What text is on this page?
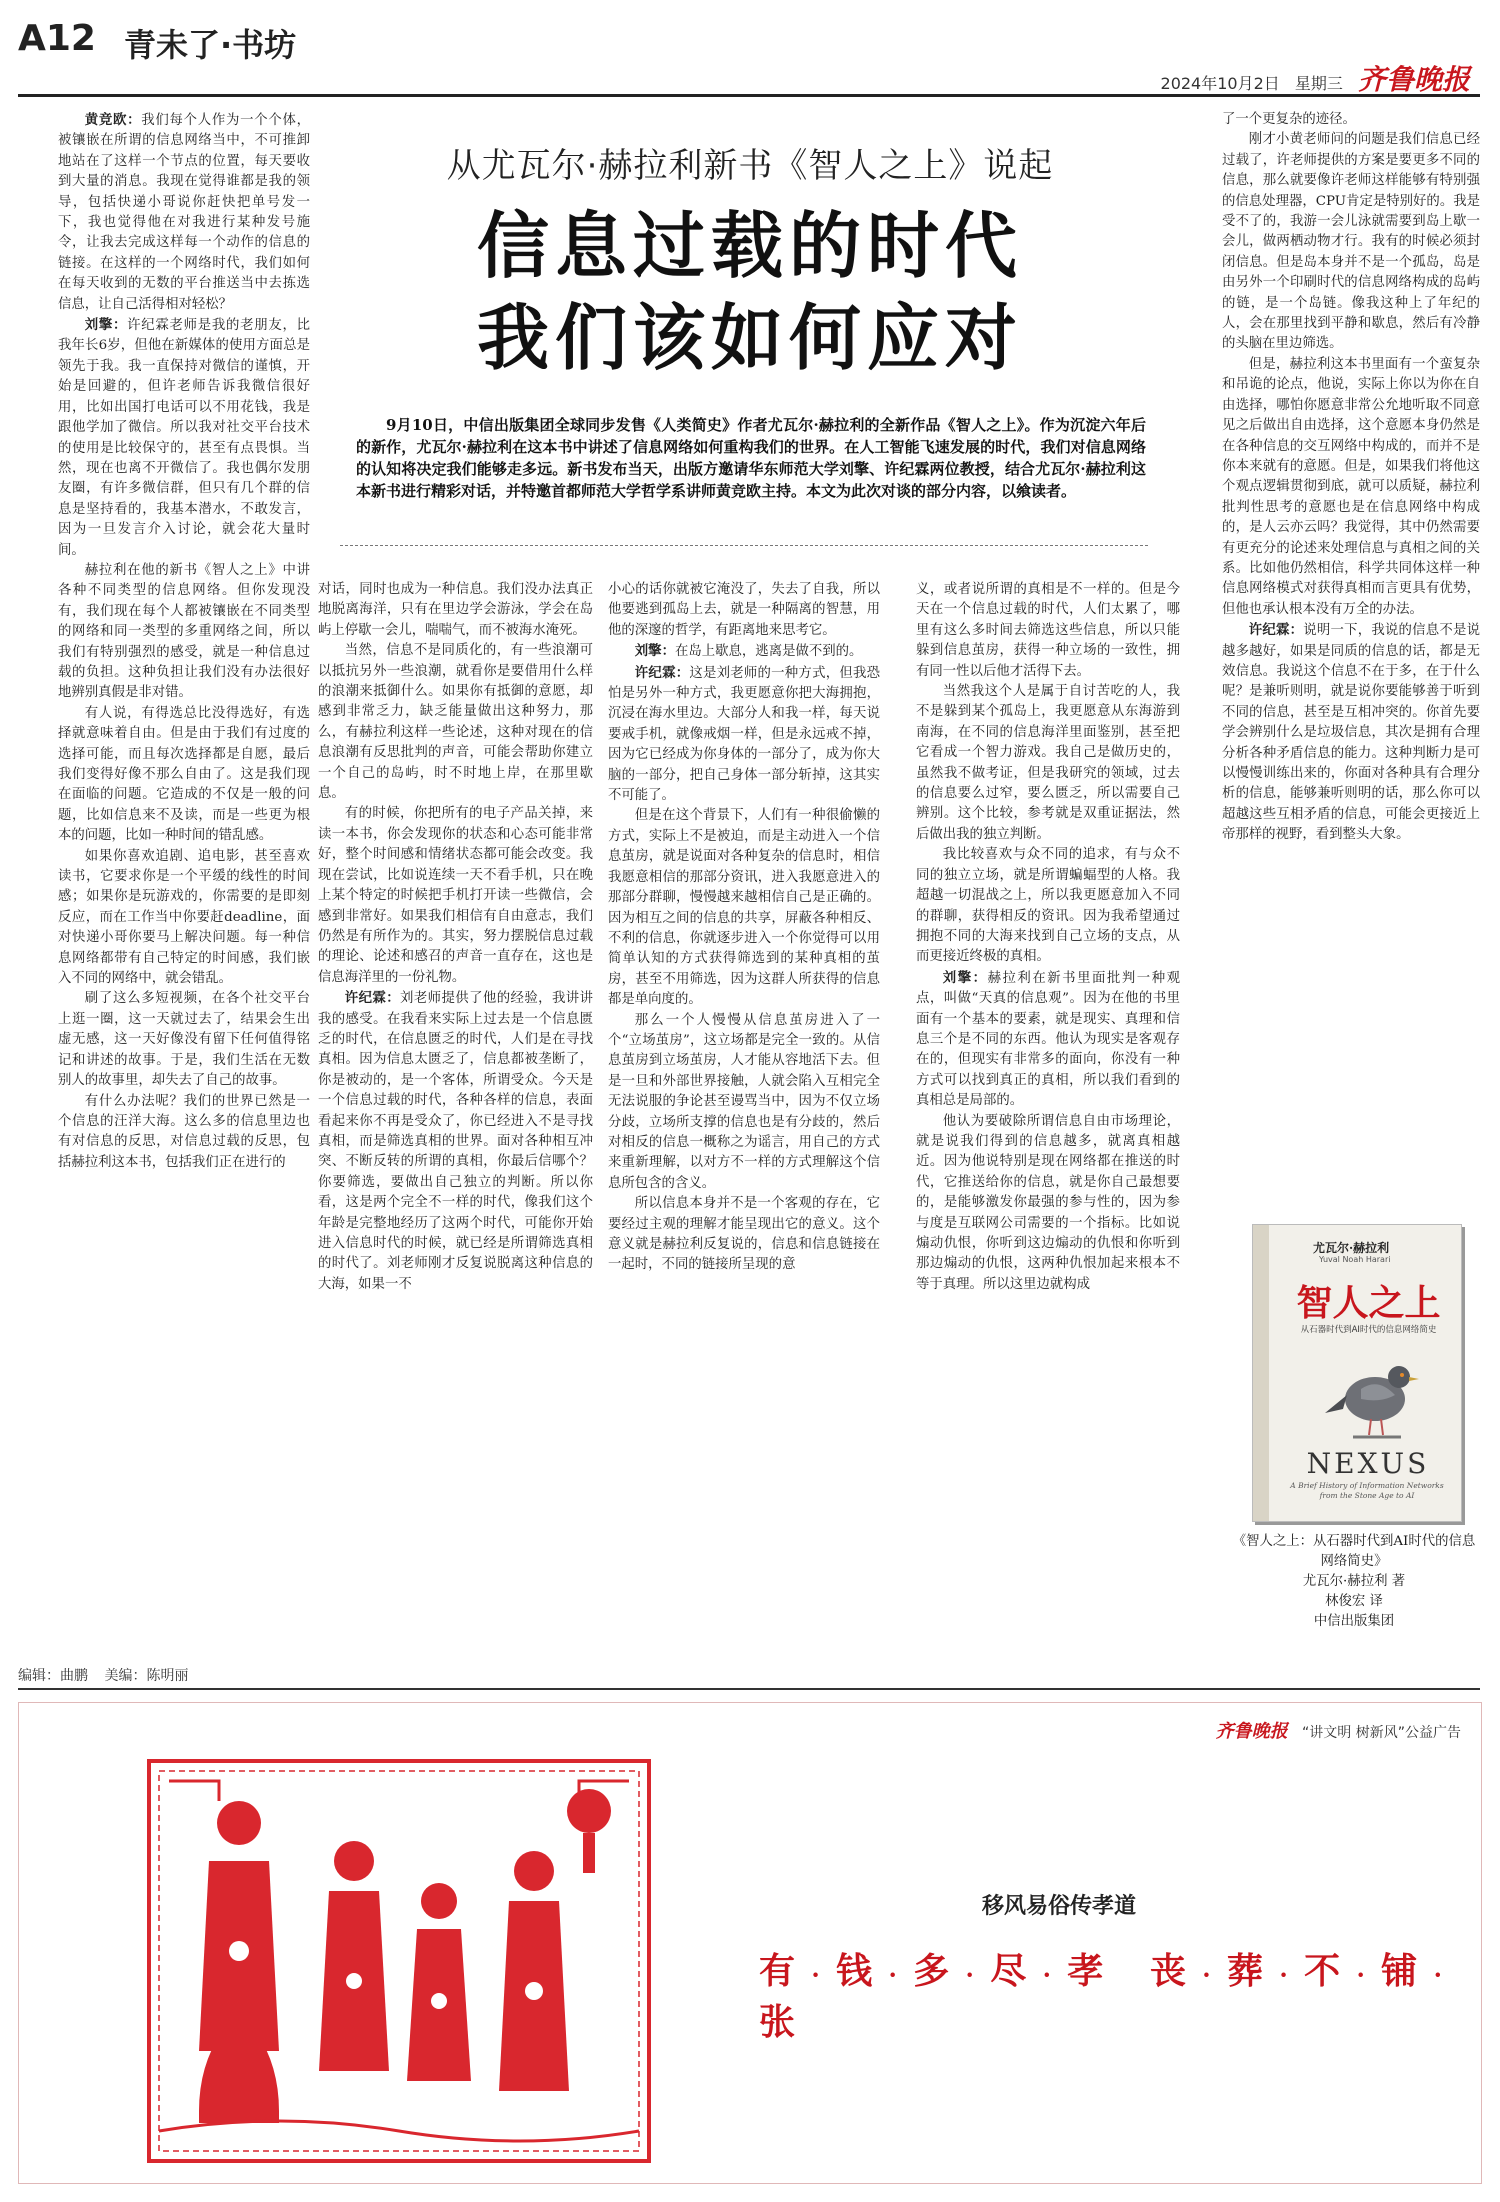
A12 青未了·书坊
2024年10月2日 星期三 齐鲁晚报
从尤瓦尔·赫拉利新书《智人之上》说起
信息过载的时代
我们该如何应对
9月10日，中信出版集团全球同步发售《人类简史》作者尤瓦尔·赫拉利的全新作品《智人之上》。作为沉淀六年后的新作，尤瓦尔·赫拉利在这本书中讲述了信息网络如何重构我们的世界。在人工智能飞速发展的时代，我们对信息网络的认知将决定我们能够走多远。新书发布当天，出版方邀请华东师范大学刘擎、许纪霖两位教授，结合尤瓦尔·赫拉利这本新书进行精彩对话，并特邀首都师范大学哲学系讲师黄竞欧主持。本文为此次对谈的部分内容，以飨读者。

黄竞欧：我们每个人作为一个个体，被镶嵌在所谓的信息网络当中，不可推卸地站在了这样一个节点的位置，每天要收到大量的消息。我现在觉得谁都是我的领导，包括快递小哥说你赶快把单号发一下，我也觉得他在对我进行某种发号施令，让我去完成这样每一个动作的信息的链接。在这样的一个网络时代，我们如何在每天收到的无数的平台推送当中去拣选信息，让自己活得相对轻松？

刘擎：许纪霖老师是我的老朋友，比我年长6岁，但他在新媒体的使用方面总是领先于我。我一直保持对微信的谨慎，开始是回避的，但许老师告诉我微信很好用，比如出国打电话可以不用花钱，我是跟他学加了微信。所以我对社交平台技术的使用是比较保守的，甚至有点畏惧。当然，现在也离不开微信了。我也偶尔发朋友圈，有许多微信群，但只有几个群的信息是坚持看的，我基本潜水，不敢发言，因为一旦发言介入讨论，就会花大量时间。

赫拉利在他的新书《智人之上》中讲各种不同类型的信息网络。但你发现没有，我们现在每个人都被镶嵌在不同类型的网络和同一类型的多重网络之间，所以我们有特别强烈的感受，就是一种信息过载的负担。这种负担让我们没有办法很好地辨别真假是非对错。

有人说，有得选总比没得选好，有选择就意味着自由。但是由于我们有过度的选择可能，而且每次选择都是自愿，最后我们变得好像不那么自由了。这是我们现在面临的问题。它造成的不仅是一般的问题，比如信息来不及读，而是一些更为根本的问题，比如一种时间的错乱感。

如果你喜欢追剧、追电影，甚至喜欢读书，它要求你是一个平缓的线性的时间感；如果你是玩游戏的，你需要的是即刻反应，而在工作当中你要赶deadline，面对快递小哥你要马上解决问题。每一种信息网络都带有自己特定的时间感，我们嵌入不同的网络中，就会错乱。

刷了这么多短视频，在各个社交平台上逛一圈，这一天就过去了，结果会生出虚无感，这一天好像没有留下任何值得铭记和讲述的故事。于是，我们生活在无数别人的故事里，却失去了自己的故事。

有什么办法呢？我们的世界已然是一个信息的汪洋大海。这么多的信息里边也有对信息的反思，对信息过载的反思，包括赫拉利这本书，包括我们正在进行的

对话，同时也成为一种信息。我们没办法真正地脱离海洋，只有在里边学会游泳，学会在岛屿上停歇一会儿，喘喘气，而不被海水淹死。

当然，信息不是同质化的，有一些浪潮可以抵抗另外一些浪潮，就看你是要借用什么样的浪潮来抵御什么。如果你有抵御的意愿，却感到非常乏力，缺乏能量做出这种努力，那么，有赫拉利这样一些论述，这种对现在的信息浪潮有反思批判的声音，可能会帮助你建立一个自己的岛屿，时不时地上岸，在那里歇息。

有的时候，你把所有的电子产品关掉，来读一本书，你会发现你的状态和心态可能非常好，整个时间感和情绪状态都可能会改变。我现在尝试，比如说连续一天不看手机，只在晚上某个特定的时候把手机打开读一些微信，会感到非常好。如果我们相信有自由意志，我们仍然是有所作为的。其实，努力摆脱信息过载的理论、论述和感召的声音一直存在，这也是信息海洋里的一份礼物。

许纪霖：刘老师提供了他的经验，我讲讲我的感受。在我看来实际上过去是一个信息匮乏的时代，在信息匮乏的时代，人们是在寻找真相。因为信息太匮乏了，信息都被垄断了，你是被动的，是一个客体，所谓受众。今天是一个信息过载的时代，各种各样的信息，表面看起来你不再是受众了，你已经进入不是寻找真相，而是筛选真相的世界。面对各种相互冲突、不断反转的所谓的真相，你最后信哪个？你要筛选，要做出自己独立的判断。所以你看，这是两个完全不一样的时代，像我们这个年龄是完整地经历了这两个时代，可能你开始进入信息时代的时候，就已经是所谓筛选真相的时代了。刘老师刚才反复说脱离这种信息的大海，如果一不

小心的话你就被它淹没了，失去了自我，所以他要逃到孤岛上去，就是一种隔离的智慧，用他的深邃的哲学，有距离地来思考它。

刘擎：在岛上歇息，逃离是做不到的。

许纪霖：这是刘老师的一种方式，但我恐怕是另外一种方式，我更愿意你把大海拥抱，沉浸在海水里边。大部分人和我一样，每天说要戒手机，就像戒烟一样，但是永远戒不掉，因为它已经成为你身体的一部分了，成为你大脑的一部分，把自己身体一部分斩掉，这其实不可能了。

但是在这个背景下，人们有一种很偷懒的方式，实际上不是被迫，而是主动进入一个信息茧房，就是说面对各种复杂的信息时，相信我愿意相信的那部分资讯，进入我愿意进入的那部分群聊，慢慢越来越相信自己是正确的。因为相互之间的信息的共享，屏蔽各种相反、不利的信息，你就逐步进入一个你觉得可以用简单认知的方式获得筛选到的某种真相的茧房，甚至不用筛选，因为这群人所获得的信息都是单向度的。

那么一个人慢慢从信息茧房进入了一个“立场茧房”，这立场都是完全一致的。从信息茧房到立场茧房，人才能从容地活下去。但是一旦和外部世界接触，人就会陷入互相完全无法说服的争论甚至谩骂当中，因为不仅立场分歧，立场所支撑的信息也是有分歧的，然后对相反的信息一概称之为谣言，用自己的方式来重新理解，以对方不一样的方式理解这个信息所包含的含义。

所以信息本身并不是一个客观的存在，它要经过主观的理解才能呈现出它的意义。这个意义就是赫拉利反复说的，信息和信息链接在一起时，不同的链接所呈现的意

义，或者说所谓的真相是不一样的。但是今天在一个信息过载的时代，人们太累了，哪里有这么多时间去筛选这些信息，所以只能躲到信息茧房，获得一种立场的一致性，拥有同一性以后他才活得下去。

当然我这个人是属于自讨苦吃的人，我不是躲到某个孤岛上，我更愿意从东海游到南海，在不同的信息海洋里面鉴别，甚至把它看成一个智力游戏。我自己是做历史的，虽然我不做考证，但是我研究的领域，过去的信息要么过窄，要么匮乏，所以需要自己辨别。这个比较，参考就是双重证据法，然后做出我的独立判断。

我比较喜欢与众不同的追求，有与众不同的独立立场，就是所谓蝙蝠型的人格。我超越一切混战之上，所以我更愿意加入不同的群聊，获得相反的资讯。因为我希望通过拥抱不同的大海来找到自己立场的支点，从而更接近终极的真相。

刘擎：赫拉利在新书里面批判一种观点，叫做“天真的信息观”。因为在他的书里面有一个基本的要素，就是现实、真理和信息三个是不同的东西。他认为现实是客观存在的，但现实有非常多的面向，你没有一种方式可以找到真正的真相，所以我们看到的真相总是局部的。

他认为要破除所谓信息自由市场理论，就是说我们得到的信息越多，就离真相越近。因为他说特别是现在网络都在推送的时代，它推送给你的信息，就是你自己最想要的，是能够激发你最强的参与性的，因为参与度是互联网公司需要的一个指标。比如说煽动仇恨，你听到这边煽动的仇恨和你听到那边煽动的仇恨，这两种仇恨加起来根本不等于真理。所以这里边就构成

了一个更复杂的迹径。

刚才小黄老师问的问题是我们信息已经过载了，许老师提供的方案是要更多不同的信息，那么就要像许老师这样能够有特别强的信息处理器，CPU肯定是特别好的。我是受不了的，我游一会儿泳就需要到岛上歇一会儿，做两栖动物才行。我有的时候必须封闭信息。但是岛本身并不是一个孤岛，岛是由另外一个印刷时代的信息网络构成的岛屿的链，是一个岛链。像我这种上了年纪的人，会在那里找到平静和歇息，然后有冷静的头脑在里边筛选。

但是，赫拉利这本书里面有一个蛮复杂和吊诡的论点，他说，实际上你以为你在自由选择，哪怕你愿意非常公允地听取不同意见之后做出自由选择，这个意愿本身仍然是在各种信息的交互网络中构成的，而并不是你本来就有的意愿。但是，如果我们将他这个观点逻辑贯彻到底，就可以质疑，赫拉利批判性思考的意愿也是在信息网络中构成的，是人云亦云吗？我觉得，其中仍然需要有更充分的论述来处理信息与真相之间的关系。比如他仍然相信，科学共同体这样一种信息网络模式对获得真相而言更具有优势，但他也承认根本没有万全的办法。

许纪霖：说明一下，我说的信息不是说越多越好，如果是同质的信息的话，都是无效信息。我说这个信息不在于多，在于什么呢？是兼听则明，就是说你要能够善于听到不同的信息，甚至是互相冲突的。你首先要学会辨别什么是垃圾信息，其次是拥有合理分析各种矛盾信息的能力。这种判断力是可以慢慢训练出来的，你面对各种具有合理分析的信息，能够兼听则明的话，那么你可以超越这些互相矛盾的信息，可能会更接近上帝那样的视野，看到整头大象。

尤瓦尔·赫拉利
Yuval Noah Harari
智人之上
从石器时代到AI时代的信息网络简史
NEXUS
A Brief History of Information Networks from the Stone Age to AI
《智人之上：从石器时代到AI时代的信息网络简史》
尤瓦尔·赫拉利 著
林俊宏 译
中信出版集团
编辑：曲鹏 美编：陈明丽
齐鲁晚报 “讲文明 树新风”公益广告
移风易俗传孝道
有 · 钱 · 多 · 尽 · 孝 丧 · 葬 · 不 · 铺 · 张
